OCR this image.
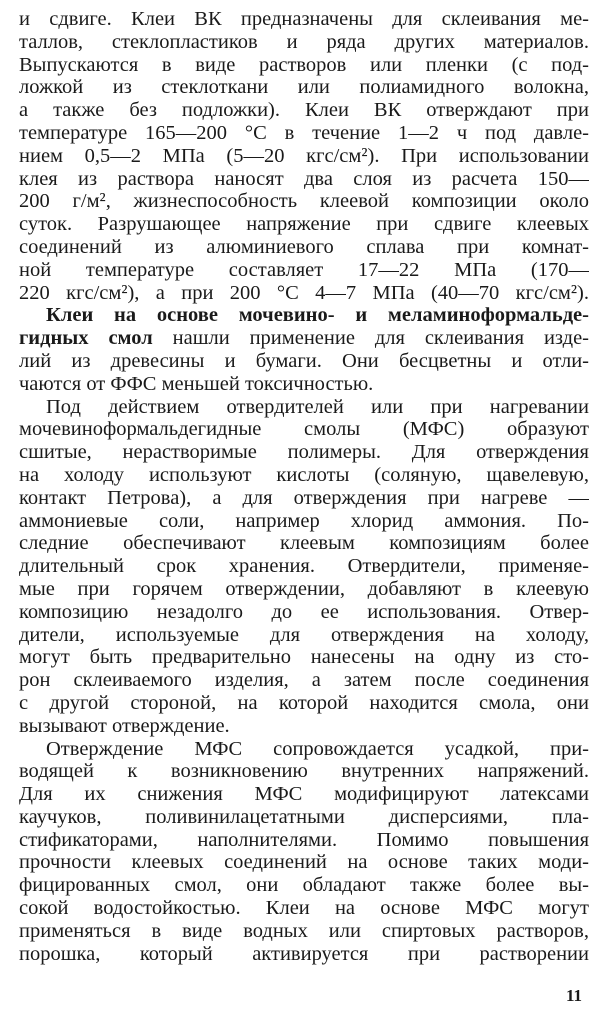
и сдвиге. Клеи ВК предназначены для склеивания ме-
таллов, стеклопластиков и ряда других материалов.
Выпускаются в виде растворов или пленки (с под-
ложкой из стеклоткани или полиамидного волокна,
а также без подложки). Клеи ВК отверждают при
температуре 165—200 °С в течение 1—2 ч под давле-
нием 0,5—2 МПа (5—20 кгс/см²). При использовании
клея из раствора наносят два слоя из расчета 150—
200 г/м², жизнеспособность клеевой композиции около
суток. Разрушающее напряжение при сдвиге клеевых
соединений из алюминиевого сплава при комнат-
ной температуре составляет 17—22 МПа (170—
220 кгс/см²), а при 200 °С 4—7 МПа (40—70 кгс/см²).
Клеи на основе мочевино- и меламиноформальде-
гидных смол нашли применение для склеивания изде-
лий из древесины и бумаги. Они бесцветны и отли-
чаются от ФФС меньшей токсичностью.
Под действием отвердителей или при нагревании
мочевиноформальдегидные смолы (МФС) образуют
сшитые, нерастворимые полимеры. Для отверждения
на холоду используют кислоты (соляную, щавелевую,
контакт Петрова), а для отверждения при нагреве —
аммониевые соли, например хлорид аммония. По-
следние обеспечивают клеевым композициям более
длительный срок хранения. Отвердители, применяе-
мые при горячем отверждении, добавляют в клеевую
композицию незадолго до ее использования. Отвер-
дители, используемые для отверждения на холоду,
могут быть предварительно нанесены на одну из сто-
рон склеиваемого изделия, а затем после соединения
с другой стороной, на которой находится смола, они
вызывают отверждение.
Отверждение МФС сопровождается усадкой, при-
водящей к возникновению внутренних напряжений.
Для их снижения МФС модифицируют латексами
каучуков, поливинилацетатными дисперсиями, пла-
стификаторами, наполнителями. Помимо повышения
прочности клеевых соединений на основе таких моди-
фицированных смол, они обладают также более вы-
сокой водостойкостью. Клеи на основе МФС могут
применяться в виде водных или спиртовых растворов,
порошка, который активируется при растворении
11
